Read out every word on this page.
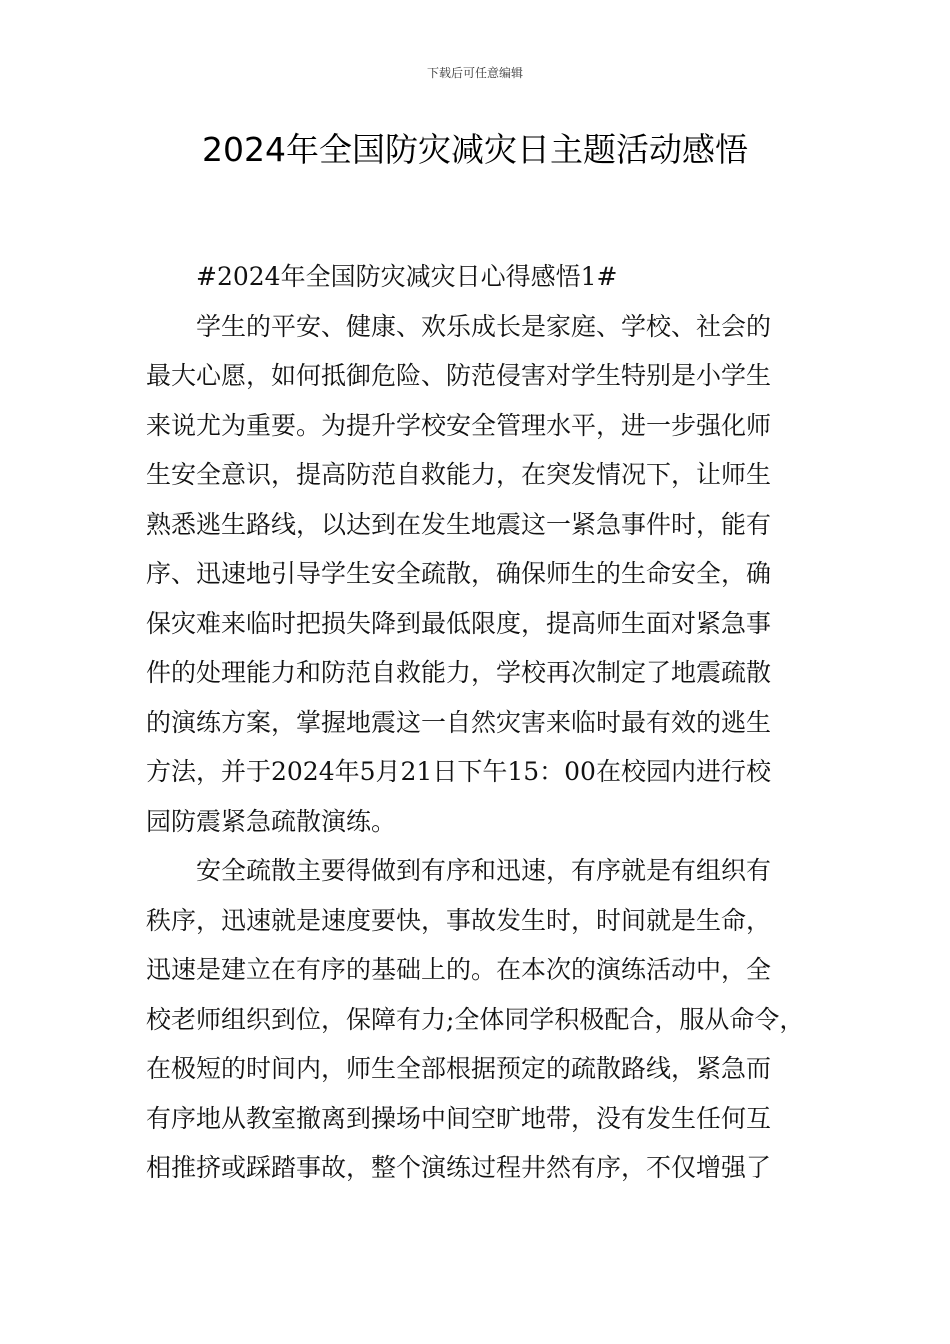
下载后可任意编辑
2024年全国防灾减灾日主题活动感悟
#2024年全国防灾减灾日心得感悟1#
学生的平安、健康、欢乐成长是家庭、学校、社会的
最大心愿，如何抵御危险、防范侵害对学生特别是小学生
来说尤为重要。为提升学校安全管理水平，进一步强化师
生安全意识，提高防范自救能力，在突发情况下，让师生
熟悉逃生路线，以达到在发生地震这一紧急事件时，能有
序、迅速地引导学生安全疏散，确保师生的生命安全，确
保灾难来临时把损失降到最低限度，提高师生面对紧急事
件的处理能力和防范自救能力，学校再次制定了地震疏散
的演练方案，掌握地震这一自然灾害来临时最有效的逃生
方法，并于2024年5月21日下午15：00在校园内进行校
园防震紧急疏散演练。
安全疏散主要得做到有序和迅速，有序就是有组织有
秩序，迅速就是速度要快，事故发生时，时间就是生命，
迅速是建立在有序的基础上的。在本次的演练活动中，全
校老师组织到位，保障有力;全体同学积极配合，服从命令，
在极短的时间内，师生全部根据预定的疏散路线，紧急而
有序地从教室撤离到操场中间空旷地带，没有发生任何互
相推挤或踩踏事故，整个演练过程井然有序，不仅增强了
